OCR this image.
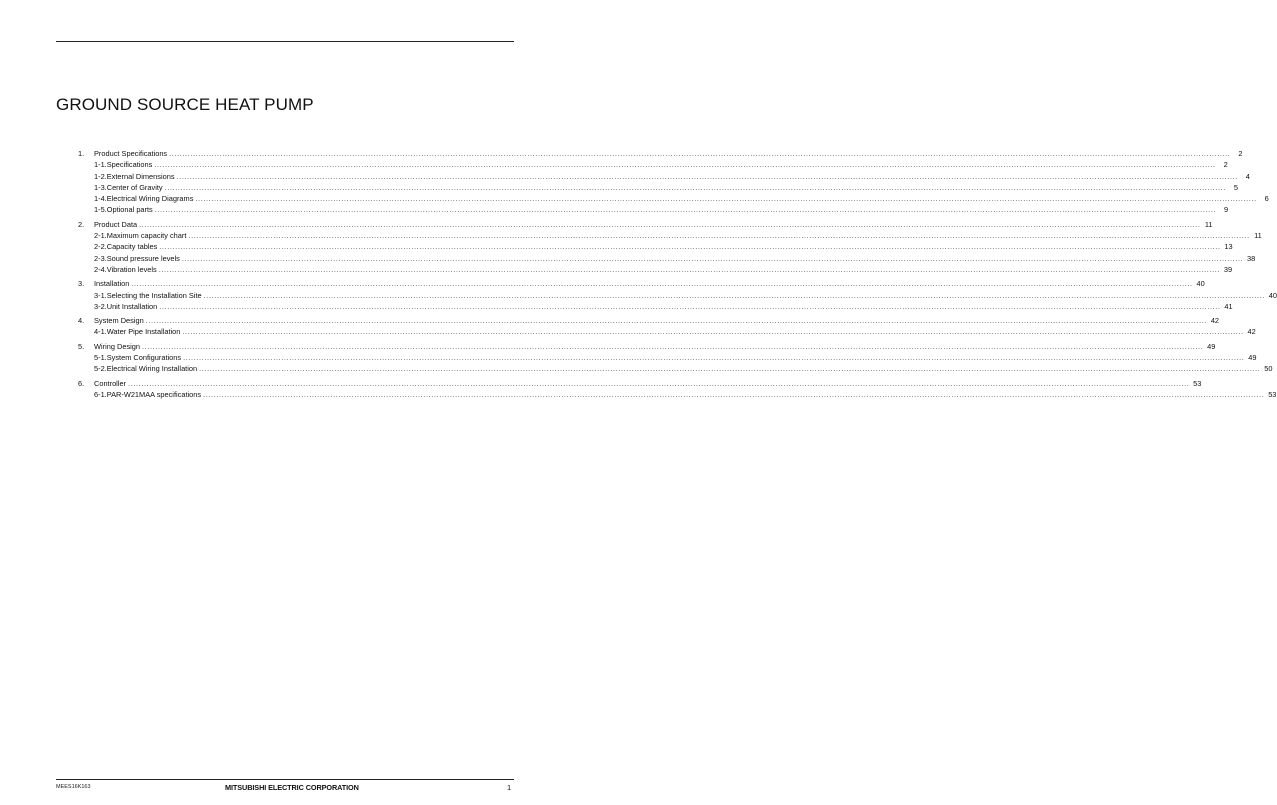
GROUND SOURCE HEAT PUMP
1.	Product Specifications ................................................................................................................................................................................................................................................................................................................................................................................................................	2
1-1.Specifications ................................................................................................................................................................................................................................................................................................................................................................................................................	2
1-2.External Dimensions ................................................................................................................................................................................................................................................................................................................................................................................................................	4
1-3.Center of Gravity ................................................................................................................................................................................................................................................................................................................................................................................................................	5
1-4.Electrical Wiring Diagrams ................................................................................................................................................................................................................................................................................................................................................................................................................	6
1-5.Optional parts ................................................................................................................................................................................................................................................................................................................................................................................................................	9
2.	Product Data ................................................................................................................................................................................................................................................................................................................................................................................................................ 11
2-1.Maximum capacity chart ................................................................................................................................................................................................................................................................................................................................................................................................................ 11
2-2.Capacity tables ................................................................................................................................................................................................................................................................................................................................................................................................................ 13
2-3.Sound pressure levels ................................................................................................................................................................................................................................................................................................................................................................................................................ 38
2-4.Vibration levels ................................................................................................................................................................................................................................................................................................................................................................................................................ 39
3.	Installation ................................................................................................................................................................................................................................................................................................................................................................................................................ 40
3-1.Selecting the Installation Site ................................................................................................................................................................................................................................................................................................................................................................................................................ 40
3-2.Unit Installation ................................................................................................................................................................................................................................................................................................................................................................................................................ 41
4.	System Design ................................................................................................................................................................................................................................................................................................................................................................................................................ 42
4-1.Water Pipe Installation ................................................................................................................................................................................................................................................................................................................................................................................................................ 42
5.	Wiring Design ................................................................................................................................................................................................................................................................................................................................................................................................................ 49
5-1.System Configurations ................................................................................................................................................................................................................................................................................................................................................................................................................ 49
5-2.Electrical Wiring Installation ................................................................................................................................................................................................................................................................................................................................................................................................................ 50
6.	Controller ................................................................................................................................................................................................................................................................................................................................................................................................................ 53
6-1.PAR-W21MAA specifications ................................................................................................................................................................................................................................................................................................................................................................................................................ 53
MEES16K163	MITSUBISHI ELECTRIC CORPORATION	1
